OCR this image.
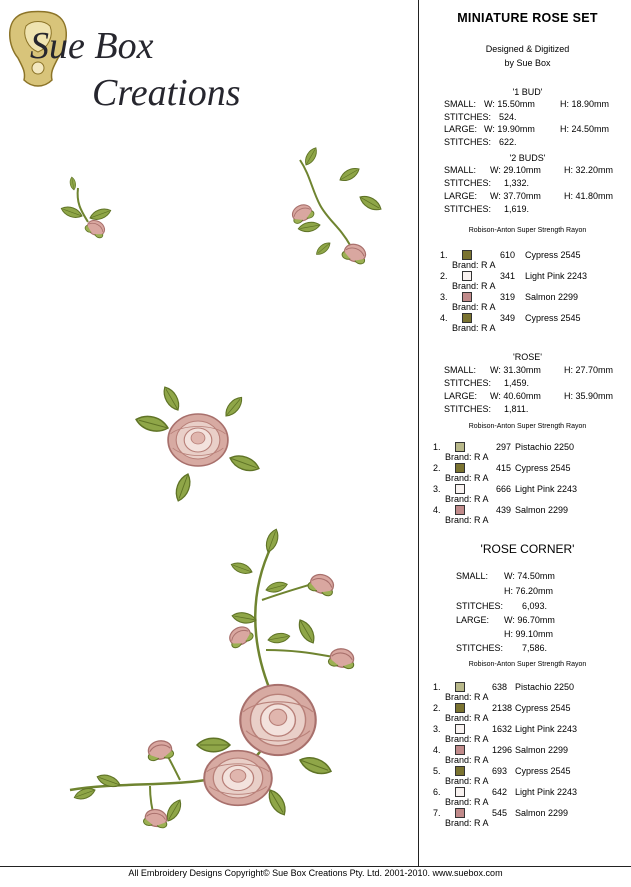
Sue Box
Creations
MINIATURE ROSE SET
Designed & Digitized
by Sue Box
'1 BUD'
SMALL: W: 15.50mm	H: 18.90mm
STITCHES: 524.
LARGE: W: 19.90mm	H: 24.50mm
STITCHES: 622.
'2 BUDS'
SMALL: W: 29.10mm	H: 32.20mm
STITCHES: 1,332.
LARGE: W: 37.70mm	H: 41.80mm
STITCHES: 1,619.
Robison-Anton Super Strength Rayon
1.	610 Cypress 2545
Brand: R A
2.	341 Light Pink 2243
Brand: R A
3.	319 Salmon 2299
Brand: R A
4.	349 Cypress 2545
Brand: R A
'ROSE'
SMALL: W: 31.30mm	H: 27.70mm
STITCHES: 1,459.
LARGE: W: 40.60mm	H: 35.90mm
STITCHES: 1,811.
Robison-Anton Super Strength Rayon
1.	297 Pistachio 2250
Brand: R A
2.	415 Cypress 2545
Brand: R A
3.	666 Light Pink 2243
Brand: R A
4.	439 Salmon 2299
Brand: R A
'ROSE CORNER'
SMALL: W: 74.50mm
H: 76.20mm
STITCHES: 6,093.
LARGE: W: 96.70mm
H: 99.10mm
STITCHES: 7,586.
Robison-Anton Super Strength Rayon
1.	638 Pistachio 2250
Brand: R A
2.	2138 Cypress 2545
Brand: R A
3.	1632 Light Pink 2243
Brand: R A
4.	1296 Salmon 2299
Brand: R A
5.	693 Cypress 2545
Brand: R A
6.	642 Light Pink 2243
Brand: R A
7.	545 Salmon 2299
Brand: R A
All Embroidery Designs Copyright© Sue Box Creations Pty. Ltd. 2001-2010. www.suebox.com
